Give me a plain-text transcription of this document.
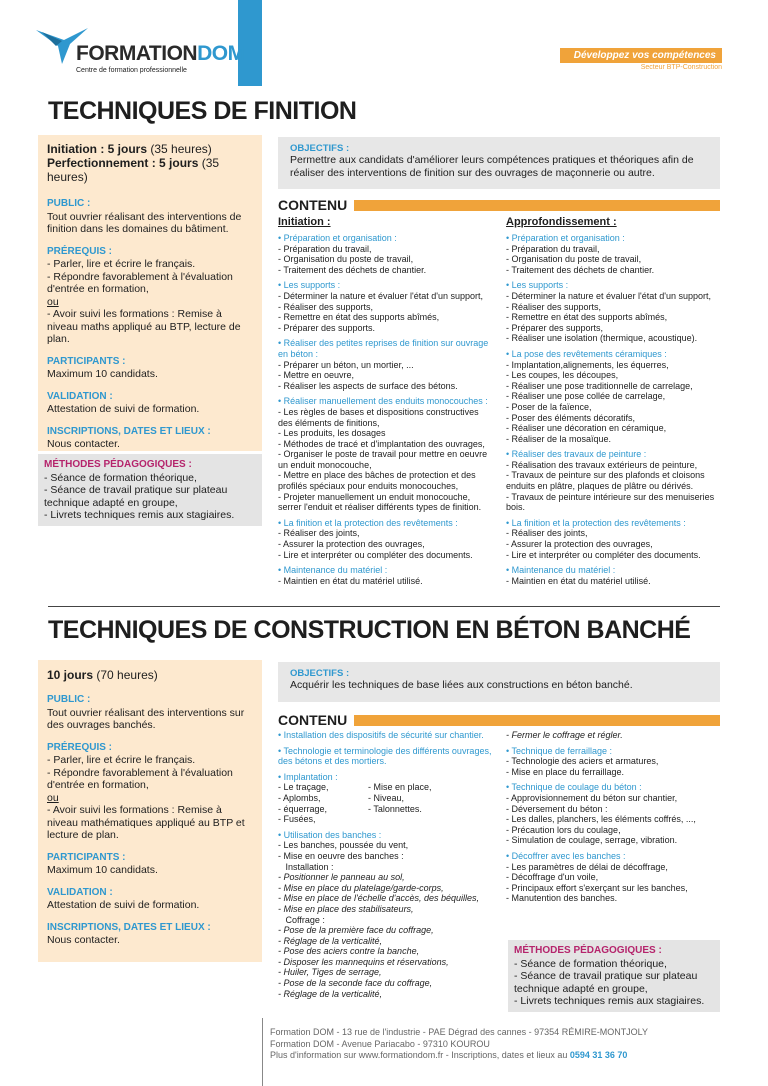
FORMATIONDOM
Centre de formation professionnelle
Développez vos compétences
Secteur BTP-Construction
TECHNIQUES DE FINITION
Initiation : 5 jours (35 heures)
Perfectionnement : 5 jours (35 heures)
PUBLIC :
Tout ouvrier réalisant des interventions de finition dans les domaines du bâtiment.
PRÉREQUIS :
- Parler, lire et écrire le français.
- Répondre favorablement à l'évaluation d'entrée en formation,
ou
- Avoir suivi les formations : Remise à niveau maths appliqué au BTP, lecture de plan.
PARTICIPANTS :
Maximum 10 candidats.
VALIDATION :
Attestation de suivi de formation.
INSCRIPTIONS, DATES ET LIEUX :
Nous contacter.
MÉTHODES PÉDAGOGIQUES :
- Séance de formation théorique,
- Séance de travail pratique sur plateau technique adapté en groupe,
- Livrets techniques remis aux stagiaires.
OBJECTIFS :
Permettre aux candidats d'améliorer leurs compétences pratiques et théoriques afin de réaliser des interventions de finition sur des ouvrages de maçonnerie ou autre.
CONTENU
Initiation :
• Préparation et organisation :
- Préparation du travail,
- Organisation du poste de travail,
- Traitement des déchets de chantier.
• Les supports :
- Déterminer la nature et évaluer l'état d'un support,
- Réaliser des supports,
- Remettre en état des supports abîmés,
- Préparer des supports.
• Réaliser des petites reprises de finition sur ouvrage en béton :
- Préparer un béton, un mortier, ...
- Mettre en oeuvre,
- Réaliser les aspects de surface des bétons.
• Réaliser manuellement des enduits monocouches :
- Les règles de bases et dispositions constructives des éléments de finitions,
- Les produits, les dosages
- Méthodes de tracé et d'implantation des ouvrages,
- Organiser le poste de travail pour mettre en oeuvre un enduit monocouche,
- Mettre en place des bâches de protection et des profilés spéciaux pour enduits monocouches,
- Projeter manuellement un enduit monocouche, serrer l'enduit et réaliser différents types de finition.
• La finition et la protection des revêtements :
- Réaliser des joints,
- Assurer la protection des ouvrages,
- Lire et interpréter ou compléter des documents.
• Maintenance du matériel :
- Maintien en état du matériel utilisé.
Approfondissement :
• Préparation et organisation :
- Préparation du travail,
- Organisation du poste de travail,
- Traitement des déchets de chantier.
• Les supports :
- Déterminer la nature et évaluer l'état d'un support,
- Réaliser des supports,
- Remettre en état des supports abîmés,
- Préparer des supports,
- Réaliser une isolation (thermique, acoustique).
• La pose des revêtements céramiques :
- Implantation,alignements, les équerres,
- Les coupes, les découpes,
- Réaliser une pose traditionnelle de carrelage,
- Réaliser une pose collée de carrelage,
- Poser de la faïence,
- Poser des éléments décoratifs,
- Réaliser une décoration en céramique,
- Réaliser de la mosaïque.
• Réaliser des travaux de peinture :
- Réalisation des travaux extérieurs de peinture,
- Travaux de peinture sur des plafonds et cloisons enduits en plâtre, plaques de plâtre ou dérivés.
- Travaux de peinture intérieure sur des menuiseries bois.
• La finition et la protection des revêtements :
- Réaliser des joints,
- Assurer la protection des ouvrages,
- Lire et interpréter ou compléter des documents.
• Maintenance du matériel :
- Maintien en état du matériel utilisé.
TECHNIQUES DE CONSTRUCTION EN BÉTON BANCHÉ
10 jours (70 heures)
PUBLIC :
Tout ouvrier réalisant des interventions sur des ouvrages banchés.
PRÉREQUIS :
- Parler, lire et écrire le français.
- Répondre favorablement à l'évaluation d'entrée en formation,
ou
- Avoir suivi les formations : Remise à niveau mathématiques appliqué au BTP et lecture de plan.
PARTICIPANTS :
Maximum 10 candidats.
VALIDATION :
Attestation de suivi de formation.
INSCRIPTIONS, DATES ET LIEUX :
Nous contacter.
OBJECTIFS :
Acquérir les techniques de base liées aux constructions en béton banché.
CONTENU
• Installation des dispositifs de sécurité sur chantier.
• Technologie et terminologie des différents ouvrages, des bétons et des mortiers.
• Implantation :
- Le traçage,
- Aplombs,
- équerrage,
- Fusées,
- Mise en place,
- Niveau,
- Talonnettes.
• Utilisation des banches :
- Les banches, poussée du vent,
- Mise en oeuvre des banches :
Installation :
- Positionner le panneau au sol,
- Mise en place du platelage/garde-corps,
- Mise en place de l'échelle d'accès, des béquilles,
- Mise en place des stabilisateurs,
Coffrage :
- Pose de la première face du coffrage,
- Réglage de la verticalité,
- Pose des aciers contre la banche,
- Disposer les mannequins et réservations,
- Huiler, Tiges de serrage,
- Pose de la seconde face du coffrage,
- Réglage de la verticalité,
- Fermer le coffrage et régler.
• Technique de ferraillage :
- Technologie des aciers et armatures,
- Mise en place du ferraillage.
• Technique de coulage du béton :
- Approvisionnement du béton sur chantier,
- Déversement du béton :
- Les dalles, planchers, les éléments coffrés, ...,
- Précaution lors du coulage,
- Simulation de coulage, serrage, vibration.
• Décoffrer avec les banches :
- Les paramètres de délai de décoffrage,
- Décoffrage d'un voile,
- Principaux effort s'exerçant sur les banches,
- Manutention des banches.
MÉTHODES PÉDAGOGIQUES :
- Séance de formation théorique,
- Séance de travail pratique sur plateau technique adapté en groupe,
- Livrets techniques remis aux stagiaires.
Formation DOM - 13 rue de l'industrie - PAE Dégrad des cannes - 97354 RÉMIRE-MONTJOLY
Formation DOM - Avenue Pariacabo - 97310 KOUROU
Plus d'information sur www.formationdom.fr - Inscriptions, dates et lieux au 0594 31 36 70
